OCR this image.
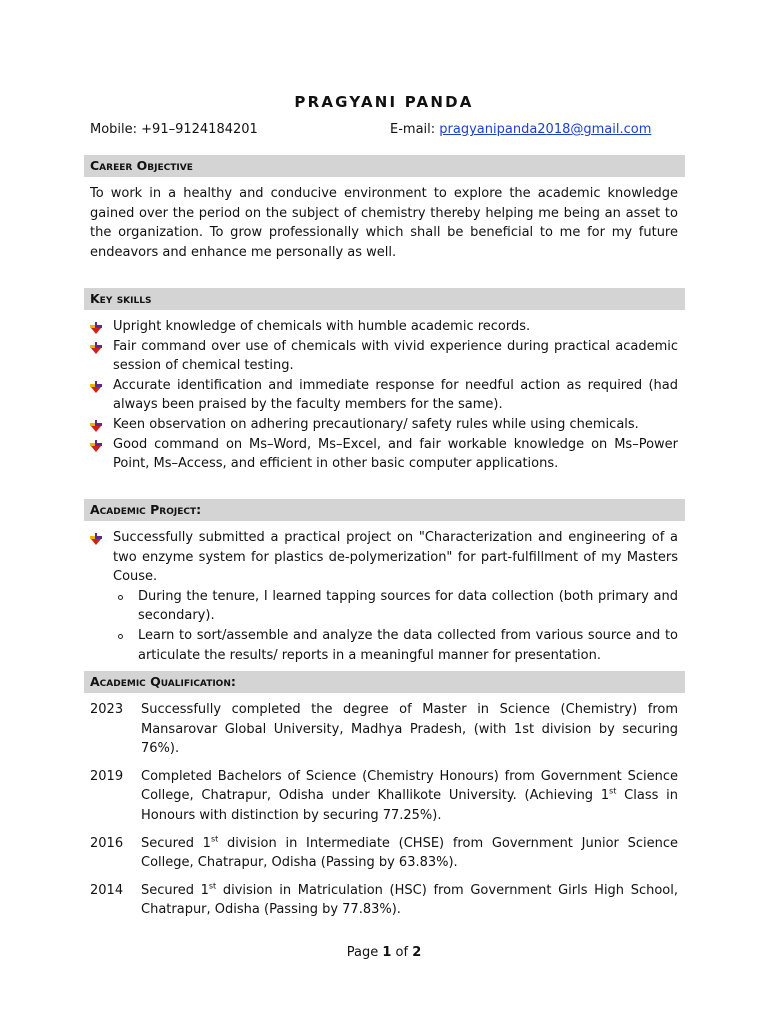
PRAGYANI PANDA
Mobile: +91–9124184201	E-mail: pragyanipanda2018@gmail.com
Career Objective
To work in a healthy and conducive environment to explore the academic knowledge gained over the period on the subject of chemistry thereby helping me being an asset to the organization. To grow professionally which shall be beneficial to me for my future endeavors and enhance me personally as well.
Key skills
Upright knowledge of chemicals with humble academic records.
Fair command over use of chemicals with vivid experience during practical academic session of chemical testing.
Accurate identification and immediate response for needful action as required (had always been praised by the faculty members for the same).
Keen observation on adhering precautionary/ safety rules while using chemicals.
Good command on Ms–Word, Ms–Excel, and fair workable knowledge on Ms–Power Point, Ms–Access, and efficient in other basic computer applications.
Academic Project:
Successfully submitted a practical project on "Characterization and engineering of a two enzyme system for plastics de-polymerization" for part-fulfillment of my Masters Couse.
During the tenure, I learned tapping sources for data collection (both primary and secondary).
Learn to sort/assemble and analyze the data collected from various source and to articulate the results/ reports in a meaningful manner for presentation.
Academic Qualification:
2023 Successfully completed the degree of Master in Science (Chemistry) from Mansarovar Global University, Madhya Pradesh, (with 1st division by securing 76%).
2019 Completed Bachelors of Science (Chemistry Honours) from Government Science College, Chatrapur, Odisha under Khallikote University. (Achieving 1st Class in Honours with distinction by securing 77.25%).
2016 Secured 1st division in Intermediate (CHSE) from Government Junior Science College, Chatrapur, Odisha (Passing by 63.83%).
2014 Secured 1st division in Matriculation (HSC) from Government Girls High School, Chatrapur, Odisha (Passing by 77.83%).
Page 1 of 2
